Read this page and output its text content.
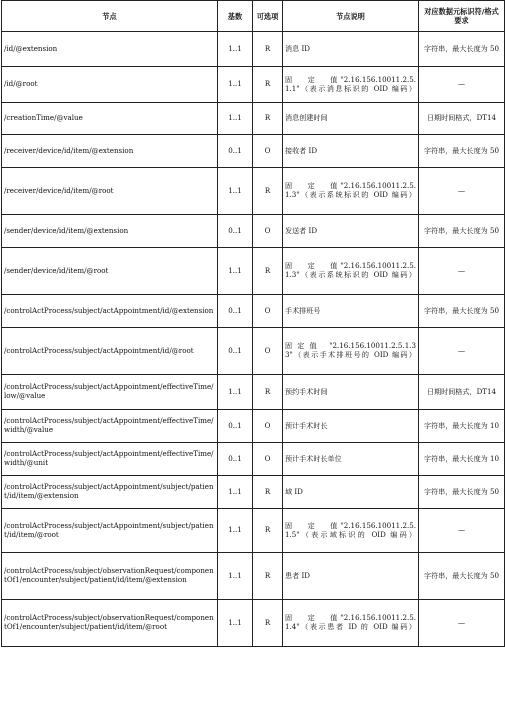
节点	基数	可选项	节点说明	对应数据元标识符/格式要求
/id/@extension	1..1	R	消息 ID	字符串，最大长度为 50
/id/@root	1..1	R	固　　定　　值 "2.16.156.10011.2.5.1.1"（表示消息标识的 OID 编码）	—
/creationTime/@value	1..1	R	消息创建时间	日期时间格式，DT14
/receiver/device/id/item/@extension	0..1	O	接收者 ID	字符串，最大长度为 50
/receiver/device/id/item/@root	1..1	R	固　　定　　值 "2.16.156.10011.2.5.1.3"（表示系统标识的 OID 编码）	—
/sender/device/id/item/@extension	0..1	O	发送者 ID	字符串，最大长度为 50
/sender/device/id/item/@root	1..1	R	固　　定　　值 "2.16.156.10011.2.5.1.3"（表示系统标识的 OID 编码）	—
/controlActProcess/subject/actAppointment/id/@extension	0..1	O	手术排班号	字符串，最大长度为 50
/controlActProcess/subject/actAppointment/id/@root	0..1	O	固定值 "2.16.156.10011.2.5.1.33"（表示手术排班号的 OID 编码）	—
/controlActProcess/subject/actAppointment/effectiveTime/low/@value	1..1	R	预约手术时间	日期时间格式，DT14
/controlActProcess/subject/actAppointment/effectiveTime/width/@value	0..1	O	预计手术时长	字符串，最大长度为 10
/controlActProcess/subject/actAppointment/effectiveTime/width/@unit	0..1	O	预计手术时长单位	字符串，最大长度为 10
/controlActProcess/subject/actAppointment/subject/patient/id/item/@extension	1..1	R	域 ID	字符串，最大长度为 50
/controlActProcess/subject/actAppointment/subject/patient/id/item/@root	1..1	R	固　　定　　值 "2.16.156.10011.2.5.1.5"（表示域标识的 OID 编码）	—
/controlActProcess/subject/observationRequest/componentOf1/encounter/subject/patient/id/item/@extension	1..1	R	患者 ID	字符串，最大长度为 50
/controlActProcess/subject/observationRequest/componentOf1/encounter/subject/patient/id/item/@root	1..1	R	固　　定　　值 "2.16.156.10011.2.5.1.4"（表示患者 ID 的 OID 编码）	—
